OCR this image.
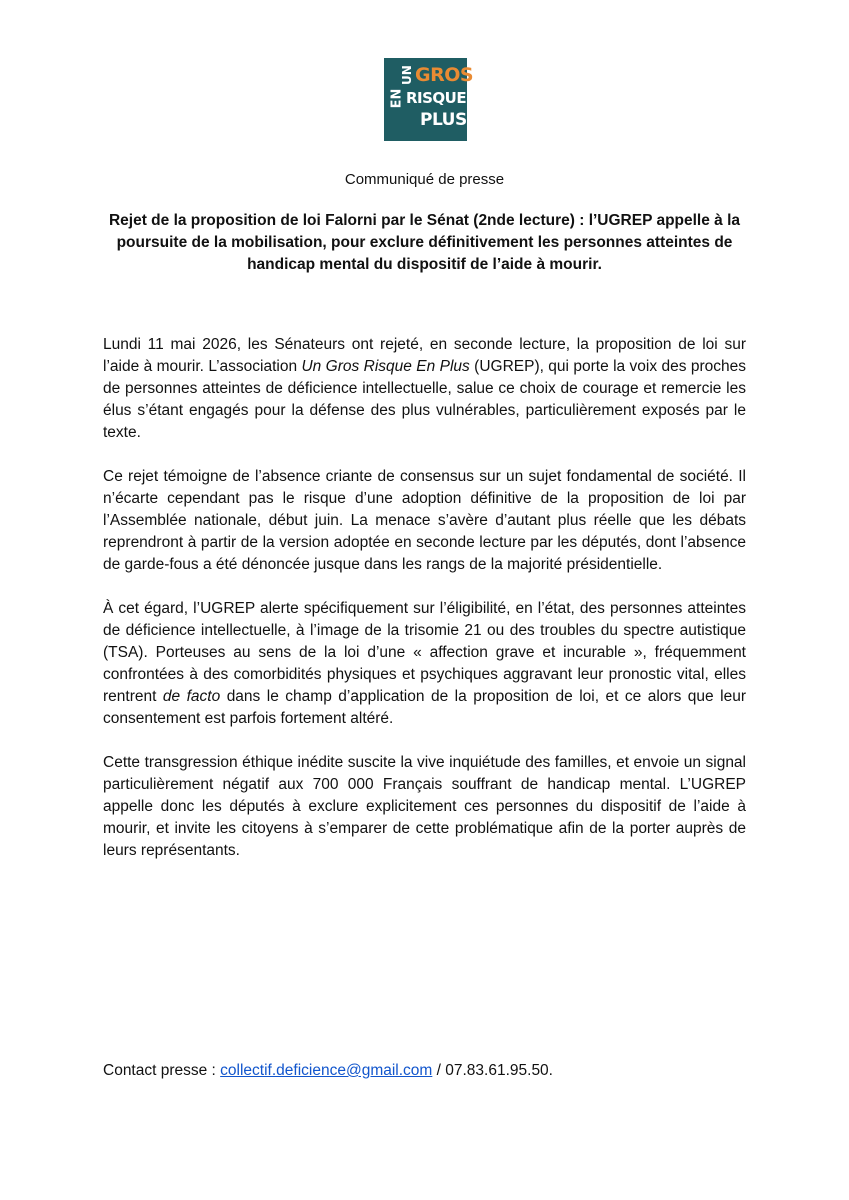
EN
UN GROS
RISQUE
PLUS
Communiqué de presse
Rejet de la proposition de loi Falorni par le Sénat (2nde lecture) : l’UGREP appelle à la poursuite de la mobilisation, pour exclure définitivement les personnes atteintes de handicap mental du dispositif de l’aide à mourir.

Lundi 11 mai 2026, les Sénateurs ont rejeté, en seconde lecture, la proposition de loi sur l’aide à mourir. L’association Un Gros Risque En Plus (UGREP), qui porte la voix des proches de personnes atteintes de déficience intellectuelle, salue ce choix de courage et remercie les élus s’étant engagés pour la défense des plus vulnérables, particulièrement exposés par le texte.

Ce rejet témoigne de l’absence criante de consensus sur un sujet fondamental de société. Il n’écarte cependant pas le risque d’une adoption définitive de la proposition de loi par l’Assemblée nationale, début juin. La menace s’avère d’autant plus réelle que les débats reprendront à partir de la version adoptée en seconde lecture par les députés, dont l’absence de garde-fous a été dénoncée jusque dans les rangs de la majorité présidentielle.

À cet égard, l’UGREP alerte spécifiquement sur l’éligibilité, en l’état, des personnes atteintes de déficience intellectuelle, à l’image de la trisomie 21 ou des troubles du spectre autistique (TSA). Porteuses au sens de la loi d’une « affection grave et incurable », fréquemment confrontées à des comorbidités physiques et psychiques aggravant leur pronostic vital, elles rentrent de facto dans le champ d’application de la proposition de loi, et ce alors que leur consentement est parfois fortement altéré.

Cette transgression éthique inédite suscite la vive inquiétude des familles, et envoie un signal particulièrement négatif aux 700 000 Français souffrant de handicap mental. L’UGREP appelle donc les députés à exclure explicitement ces personnes du dispositif de l’aide à mourir, et invite les citoyens à s’emparer de cette problématique afin de la porter auprès de leurs représentants.

Contact presse : collectif.deficience@gmail.com / 07.83.61.95.50.
